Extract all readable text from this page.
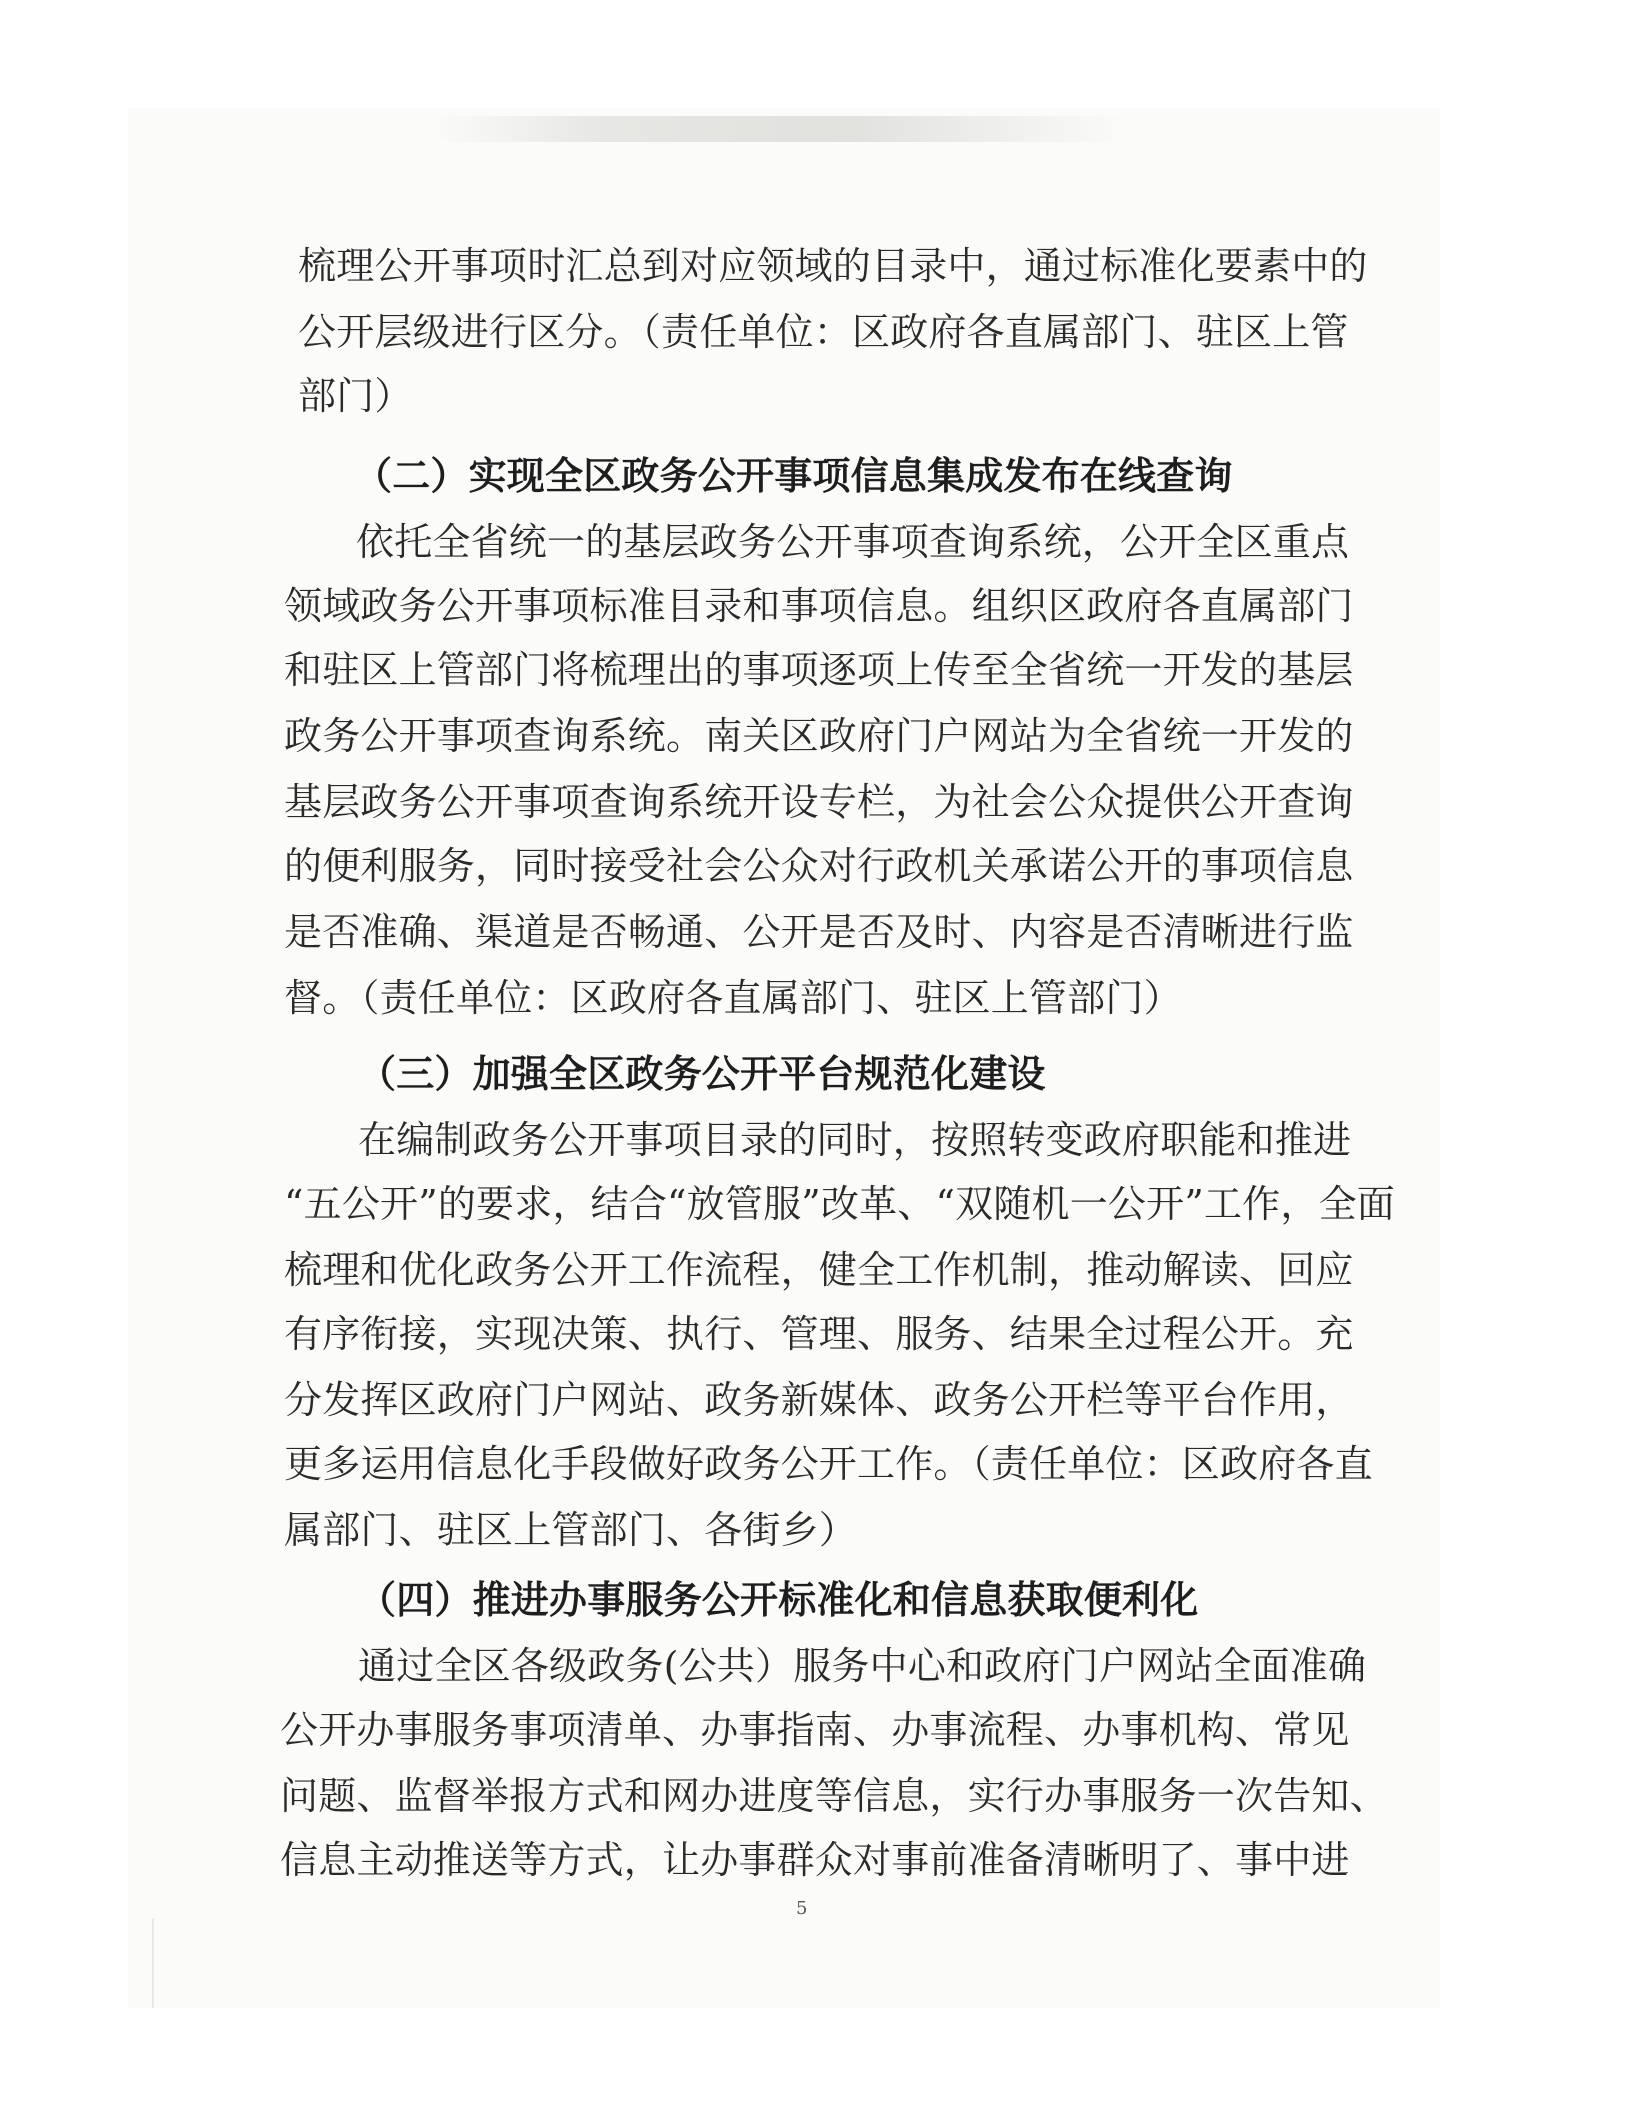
梳理公开事项时汇总到对应领域的目录中，通过标准化要素中的

公开层级进行区分。（责任单位：区政府各直属部门、驻区上管

部门）

（二）实现全区政务公开事项信息集成发布在线查询

依托全省统一的基层政务公开事项查询系统，公开全区重点

领域政务公开事项标准目录和事项信息。组织区政府各直属部门

和驻区上管部门将梳理出的事项逐项上传至全省统一开发的基层

政务公开事项查询系统。南关区政府门户网站为全省统一开发的

基层政务公开事项查询系统开设专栏，为社会公众提供公开查询

的便利服务，同时接受社会公众对行政机关承诺公开的事项信息

是否准确、渠道是否畅通、公开是否及时、内容是否清晰进行监

督。（责任单位：区政府各直属部门、驻区上管部门）

（三）加强全区政务公开平台规范化建设

在编制政务公开事项目录的同时，按照转变政府职能和推进

“五公开”的要求，结合“放管服”改革、“双随机一公开”工作，全面

梳理和优化政务公开工作流程，健全工作机制，推动解读、回应

有序衔接，实现决策、执行、管理、服务、结果全过程公开。充

分发挥区政府门户网站、政务新媒体、政务公开栏等平台作用，

更多运用信息化手段做好政务公开工作。（责任单位：区政府各直

属部门、驻区上管部门、各街乡）

（四）推进办事服务公开标准化和信息获取便利化

通过全区各级政务(公共）服务中心和政府门户网站全面准确

公开办事服务事项清单、办事指南、办事流程、办事机构、常见

问题、监督举报方式和网办进度等信息，实行办事服务一次告知、

信息主动推送等方式，让办事群众对事前准备清晰明了、事中进

5
